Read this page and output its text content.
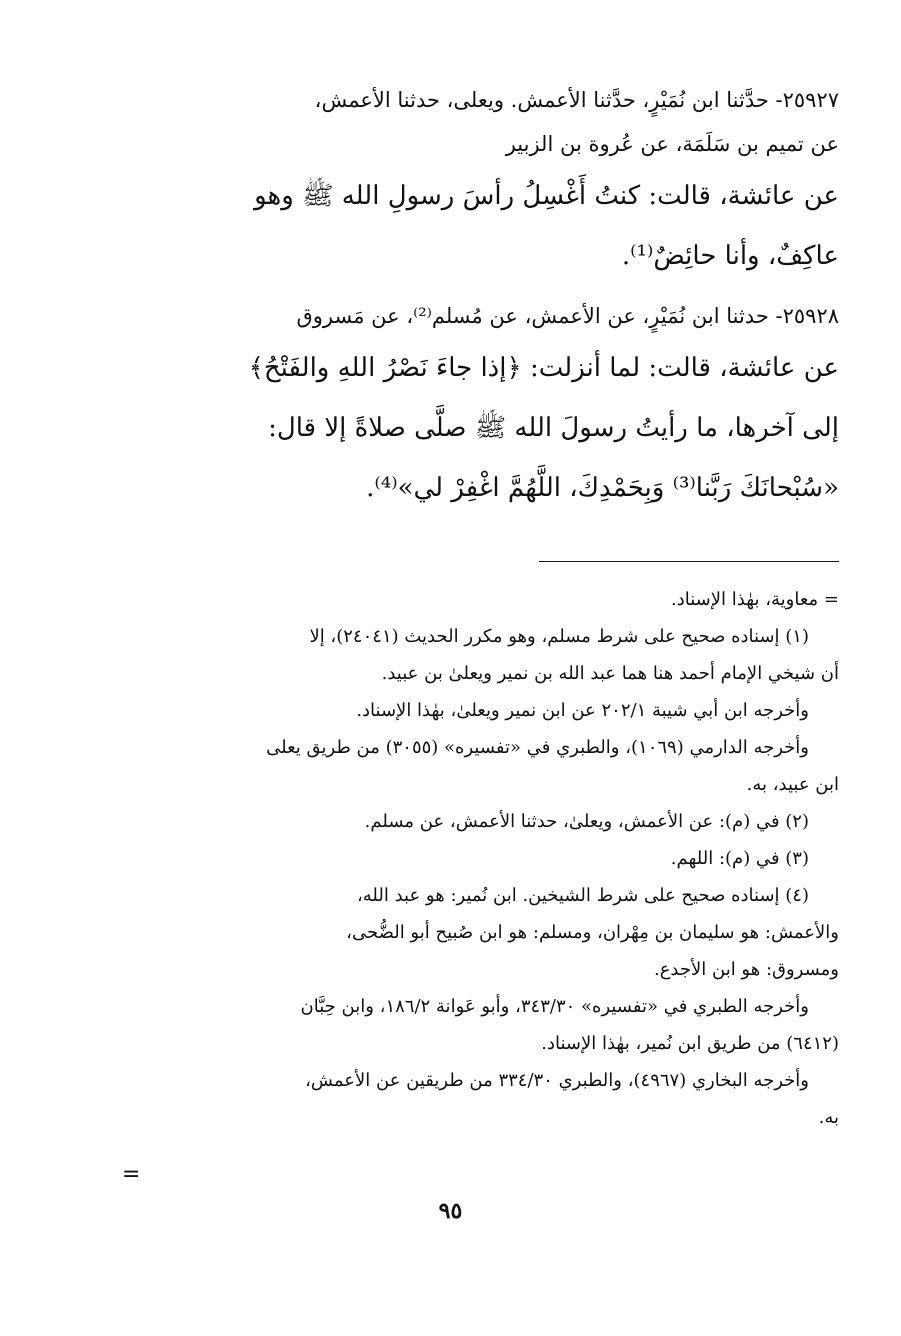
٢٥٩٢٧- حدَّثنا ابن نُمَيْرٍ، حدَّثنا الأعمش. ويعلى، حدثنا الأعمش،

عن تميم بن سَلَمَة، عن عُروة بن الزبير

عن عائشة، قالت: كنتُ أَغْسِلُ رأسَ رسولِ الله ﷺ وهو

عاكِفٌ، وأنا حائِضٌ⁽¹⁾.

٢٥٩٢٨- حدثنا ابن نُمَيْرٍ، عن الأعمش، عن مُسلم⁽²⁾، عن مَسروق

عن عائشة، قالت: لما أنزلت: ﴿إذا جاءَ نَصْرُ اللهِ والفَتْحُ﴾

إلى آخرها، ما رأيتُ رسولَ الله ﷺ صلَّى صلاةً إلا قال:

«سُبْحانَكَ رَبَّنا⁽³⁾ وَبِحَمْدِكَ، اللَّهُمَّ اغْفِرْ لي»⁽⁴⁾.

= معاوية، بهٰذا الإسناد.

(١) إسناده صحيح على شرط مسلم، وهو مكرر الحديث (٢٤٠٤١)، إلا

أن شيخي الإمام أحمد هنا هما عبد الله بن نمير ويعلىٰ بن عبيد.

وأخرجه ابن أبي شيبة ٢٠٢/١ عن ابن نمير ويعلىٰ، بهٰذا الإسناد.

وأخرجه الدارمي (١٠٦٩)، والطبري في «تفسيره» (٣٠٥٥) من طريق يعلى

ابن عبيد، به.

(٢) في (م): عن الأعمش، ويعلىٰ، حدثنا الأعمش، عن مسلم.

(٣) في (م): اللهم.

(٤) إسناده صحيح على شرط الشيخين. ابن نُمير: هو عبد الله،

والأعمش: هو سليمان بن مِهْران، ومسلم: هو ابن صُبيح أبو الضُّحى،

ومسروق: هو ابن الأجدع.

وأخرجه الطبري في «تفسيره» ٣٤٣/٣٠، وأبو عَوانة ١٨٦/٢، وابن حِبَّان

(٦٤١٢) من طريق ابن نُمير، بهٰذا الإسناد.

وأخرجه البخاري (٤٩٦٧)، والطبري ٣٣٤/٣٠ من طريقين عن الأعمش،

به.

=
٩٥
